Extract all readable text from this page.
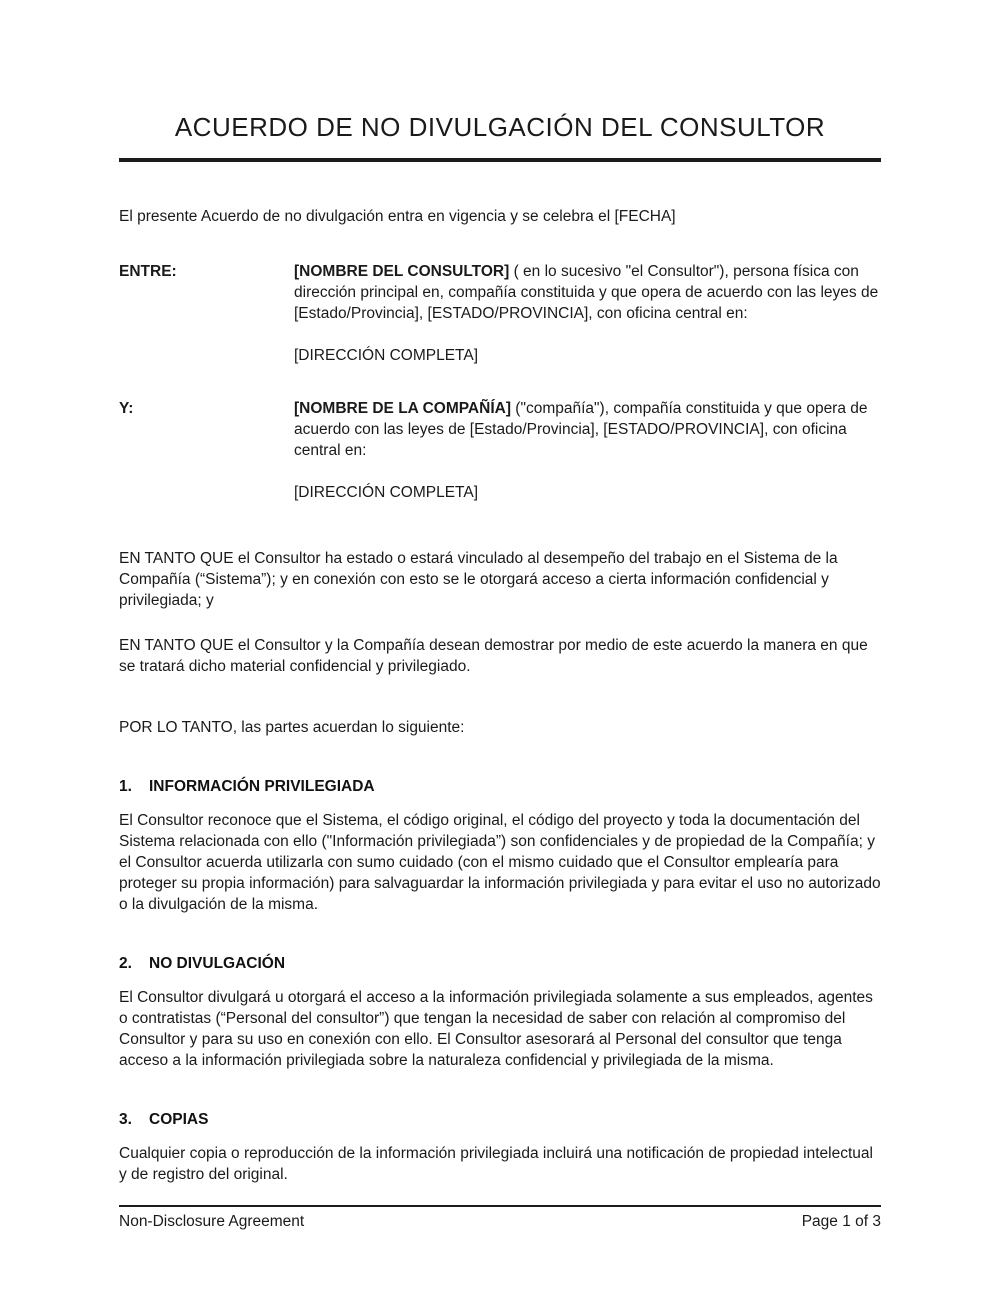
ACUERDO DE NO DIVULGACIÓN DEL CONSULTOR

El presente Acuerdo de no divulgación entra en vigencia y se celebra el [FECHA]

ENTRE:	[NOMBRE DEL CONSULTOR] ( en lo sucesivo "el Consultor"), persona física con dirección principal en, compañía constituida y que opera de acuerdo con las leyes de [Estado/Provincia], [ESTADO/PROVINCIA], con oficina central en:

[DIRECCIÓN COMPLETA]

Y:	[NOMBRE DE LA COMPAÑÍA] ("compañía"), compañía constituida y que opera de acuerdo con las leyes de [Estado/Provincia], [ESTADO/PROVINCIA], con oficina central en:

[DIRECCIÓN COMPLETA]

EN TANTO QUE el Consultor ha estado o estará vinculado al desempeño del trabajo en el Sistema de la Compañía (“Sistema”); y en conexión con esto se le otorgará acceso a cierta información confidencial y privilegiada; y

EN TANTO QUE el Consultor y la Compañía desean demostrar por medio de este acuerdo la manera en que se tratará dicho material confidencial y privilegiado.

POR LO TANTO, las partes acuerdan lo siguiente:

1.	INFORMACIÓN PRIVILEGIADA

El Consultor reconoce que el Sistema, el código original, el código del proyecto y toda la documentación del Sistema relacionada con ello ("Información privilegiada”) son confidenciales y de propiedad de la Compañía; y el Consultor acuerda utilizarla con sumo cuidado (con el mismo cuidado que el Consultor emplearía para proteger su propia información) para salvaguardar la información privilegiada y para evitar el uso no autorizado o la divulgación de la misma.

2.	NO DIVULGACIÓN

El Consultor divulgará u otorgará el acceso a la información privilegiada solamente a sus empleados, agentes o contratistas (“Personal del consultor”) que tengan la necesidad de saber con relación al compromiso del Consultor y para su uso en conexión con ello. El Consultor asesorará al Personal del consultor que tenga acceso a la información privilegiada sobre la naturaleza confidencial y privilegiada de la misma.

3.	COPIAS

Cualquier copia o reproducción de la información privilegiada incluirá una notificación de propiedad intelectual y de registro del original.

Non-Disclosure Agreement	Page 1 of 3
